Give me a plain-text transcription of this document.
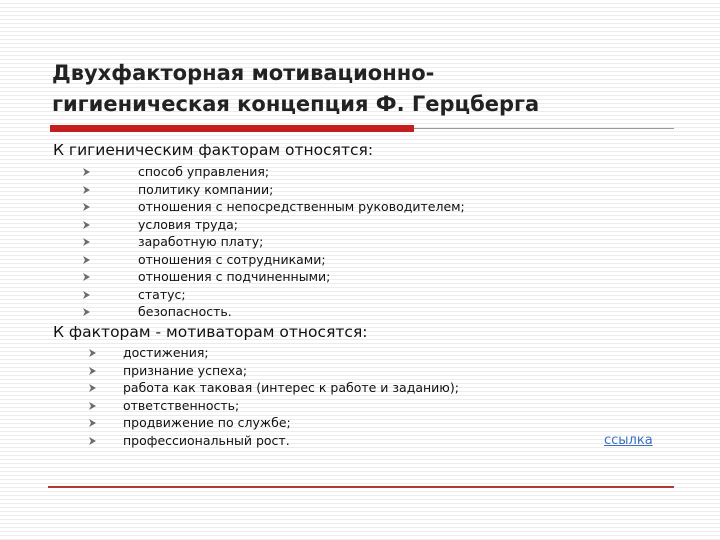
Двухфакторная мотивационно-
гигиеническая концепция Ф. Герцберга
К гигиеническим факторам относятся:
способ управления;
политику компании;
отношения с непосредственным руководителем;
условия труда;
заработную плату;
отношения с сотрудниками;
отношения с подчиненными;
статус;
безопасность.
К факторам - мотиваторам относятся:
достижения;
признание успеха;
работа как таковая (интерес к работе и заданию);
ответственность;
продвижение по службе;
профессиональный рост.	ссылка
